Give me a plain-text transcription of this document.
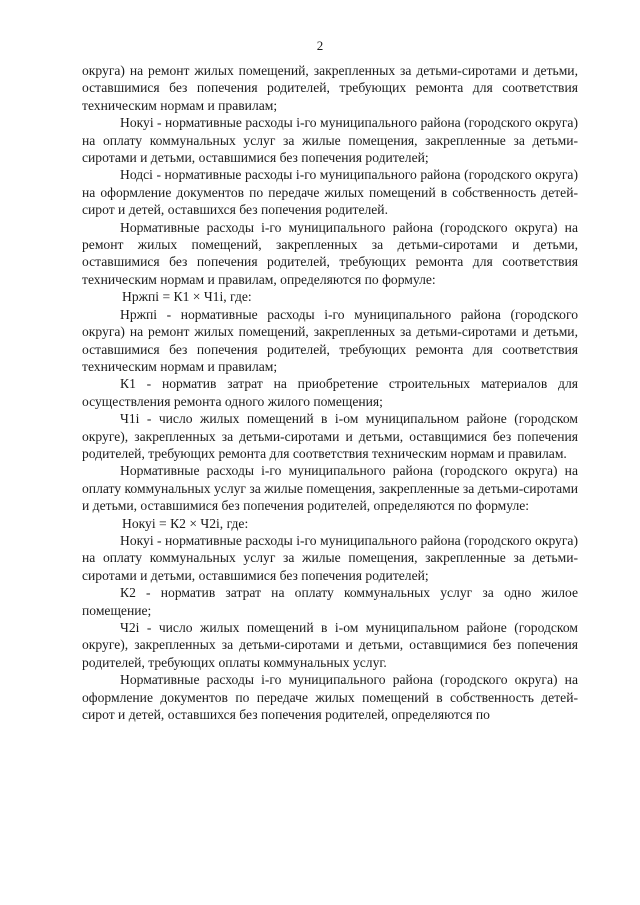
2

округа) на ремонт жилых помещений, закрепленных за детьми-сиротами и детьми, оставшимися без попечения родителей, требующих ремонта для соответствия техническим нормам и правилам;

Нокуі - нормативные расходы і-го муниципального района (городского округа) на оплату коммунальных услуг за жилые помещения, закрепленные за детьми-сиротами и детьми, оставшимися без попечения родителей;

Нодсі - нормативные расходы і-го муниципального района (городского округа) на оформление документов по передаче жилых помещений в собственность детей-сирот и детей, оставшихся без попечения родителей.

Нормативные расходы і-го муниципального района (городского округа) на ремонт жилых помещений, закрепленных за детьми-сиротами и детьми, оставшимися без попечения родителей, требующих ремонта для соответствия техническим нормам и правилам, определяются по формуле:

Нржпі = К1 × Ч1і, где:

Нржпі - нормативные расходы і-го муниципального района (городского округа) на ремонт жилых помещений, закрепленных за детьми-сиротами и детьми, оставшимися без попечения родителей, требующих ремонта для соответствия техническим нормам и правилам;

К1 - норматив затрат на приобретение строительных материалов для осуществления ремонта одного жилого помещения;

Ч1і - число жилых помещений в і-ом муниципальном районе (городском округе), закрепленных за детьми-сиротами и детьми, оставщимися без попечения родителей, требующих ремонта для соответствия техническим нормам и правилам.

Нормативные расходы і-го муниципального района (городского округа) на оплату коммунальных услуг за жилые помещения, закрепленные за детьми-сиротами и детьми, оставшимися без попечения родителей, определяются по формуле:

Нокуі = К2 × Ч2і, где:

Нокуі - нормативные расходы і-го муниципального района (городского округа) на оплату коммунальных услуг за жилые помещения, закрепленные за детьми-сиротами и детьми, оставшимися без попечения родителей;

К2 - норматив затрат на оплату коммунальных услуг за одно жилое помещение;

Ч2і - число жилых помещений в і-ом муниципальном районе (городском округе), закрепленных за детьми-сиротами и детьми, оставщимися без попечения родителей, требующих оплаты коммунальных услуг.

Нормативные расходы і-го муниципального района (городского округа) на оформление документов по передаче жилых помещений в собственность детей-сирот и детей, оставшихся без попечения родителей, определяются по
